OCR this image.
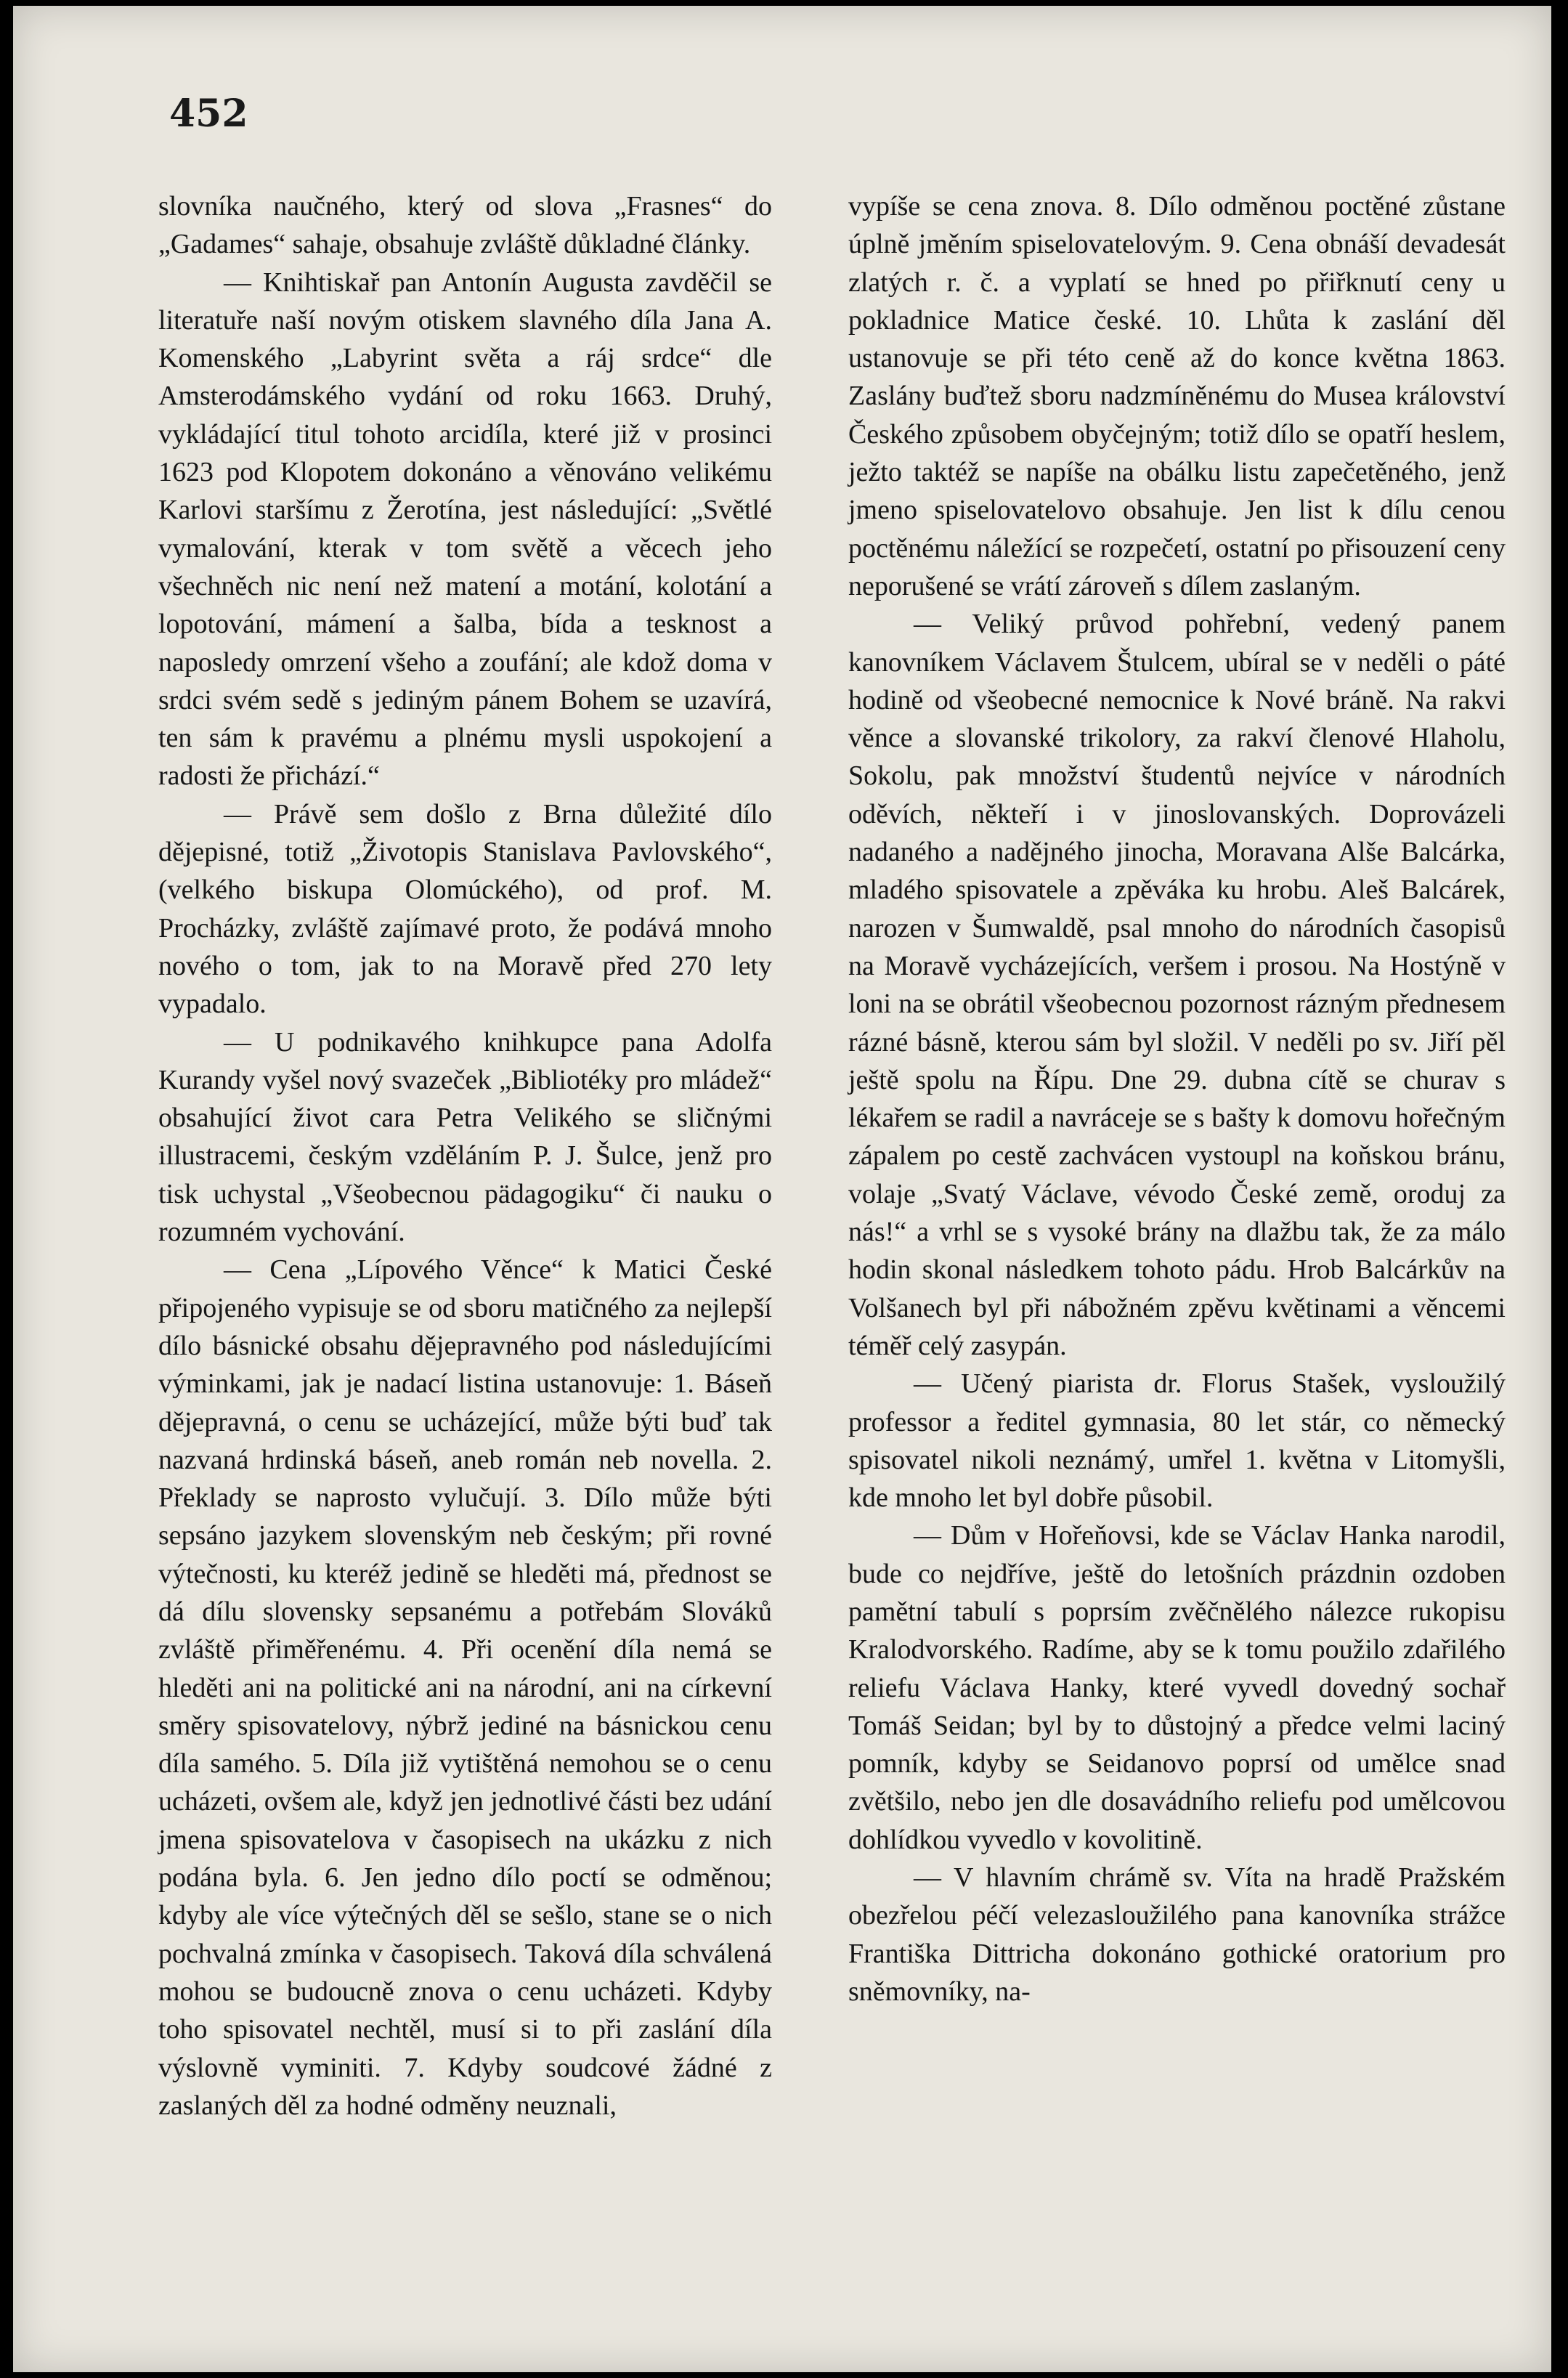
452

slovníka naučného, který od slova „Frasnes“ do „Gadames“ sahaje, obsahuje zvláště důkladné články.

— Knihtiskař pan Antonín Augusta zavděčil se literatuře naší novým otiskem slavného díla Jana A. Komenského „Labyrint světa a ráj srdce“ dle Amsterodámského vydání od roku 1663. Druhý, vykládající titul tohoto arcidíla, které již v prosinci 1623 pod Klopotem dokonáno a věnováno velikému Karlovi staršímu z Žerotína, jest následující: „Světlé vymalování, kterak v tom světě a věcech jeho všechněch nic není než matení a motání, kolotání a lopotování, mámení a šalba, bída a tesknost a naposledy omrzení všeho a zoufání; ale kdož doma v srdci svém sedě s jediným pánem Bohem se uzavírá, ten sám k pravému a plnému mysli uspokojení a radosti že přichází.“

— Právě sem došlo z Brna důležité dílo dějepisné, totiž „Životopis Stanislava Pavlovského“, (velkého biskupa Olomúckého), od prof. M. Procházky, zvláště zajímavé proto, že podává mnoho nového o tom, jak to na Moravě před 270 lety vypadalo.

— U podnikavého knihkupce pana Adolfa Kurandy vyšel nový svazeček „Bibliotéky pro mládež“ obsahující život cara Petra Velikého se sličnými illustracemi, českým vzděláním P. J. Šulce, jenž pro tisk uchystal „Všeobecnou pädagogiku“ či nauku o rozumném vychování.

— Cena „Lípového Věnce“ k Matici České připojeného vypisuje se od sboru matičného za nejlepší dílo básnické obsahu dějepravného pod následujícími výminkami, jak je nadací listina ustanovuje: 1. Báseň dějepravná, o cenu se ucházející, může býti buď tak nazvaná hrdinská báseň, aneb román neb novella. 2. Překlady se naprosto vylučují. 3. Dílo může býti sepsáno jazykem slovenským neb českým; při rovné výtečnosti, ku kteréž jedině se hleděti má, přednost se dá dílu slovensky sepsanému a potřebám Slováků zvláště přiměřenému. 4. Při ocenění díla nemá se hleděti ani na politické ani na národní, ani na církevní směry spisovatelovy, nýbrž jediné na básnickou cenu díla samého. 5. Díla již vytištěná nemohou se o cenu ucházeti, ovšem ale, když jen jednotlivé části bez udání jmena spisovatelova v časopisech na ukázku z nich podána byla. 6. Jen jedno dílo poctí se odměnou; kdyby ale více výtečných děl se sešlo, stane se o nich pochvalná zmínka v časopisech. Taková díla schválená mohou se budoucně znova o cenu ucházeti. Kdyby toho spisovatel nechtěl, musí si to při zaslání díla výslovně vyminiti. 7. Kdyby soudcové žádné z zaslaných děl za hodné odměny neuznali,

vypíše se cena znova. 8. Dílo odměnou poctěné zůstane úplně jměním spiselovatelovým. 9. Cena obnáší devadesát zlatých r. č. a vyplatí se hned po přiřknutí ceny u pokladnice Matice české. 10. Lhůta k zaslání děl ustanovuje se při této ceně až do konce května 1863. Zaslány buďtež sboru nadzmíněnému do Musea království Českého způsobem obyčejným; totiž dílo se opatří heslem, ježto taktéž se napíše na obálku listu zapečetěného, jenž jmeno spiselovatelovo obsahuje. Jen list k dílu cenou poctěnému náležící se rozpečetí, ostatní po přisouzení ceny neporušené se vrátí zároveň s dílem zaslaným.

— Veliký průvod pohřební, vedený panem kanovníkem Václavem Štulcem, ubíral se v neděli o páté hodině od všeobecné nemocnice k Nové bráně. Na rakvi věnce a slovanské trikolory, za rakví členové Hlaholu, Sokolu, pak množství študentů nejvíce v národních oděvích, někteří i v jinoslovanských. Doprovázeli nadaného a nadějného jinocha, Moravana Alše Balcárka, mladého spisovatele a zpěváka ku hrobu. Aleš Balcárek, narozen v Šumwaldě, psal mnoho do národních časopisů na Moravě vycházejících, veršem i prosou. Na Hostýně v loni na se obrátil všeobecnou pozornost rázným přednesem rázné básně, kterou sám byl složil. V neděli po sv. Jiří pěl ještě spolu na Řípu. Dne 29. dubna cítě se churav s lékařem se radil a navráceje se s bašty k domovu hořečným zápalem po cestě zachvácen vystoupl na koňskou bránu, volaje „Svatý Václave, vévodo České země, oroduj za nás!“ a vrhl se s vysoké brány na dlažbu tak, že za málo hodin skonal následkem tohoto pádu. Hrob Balcárkův na Volšanech byl při nábožném zpěvu květinami a věncemi téměř celý zasypán.

— Učený piarista dr. Florus Stašek, vysloužilý professor a ředitel gymnasia, 80 let stár, co německý spisovatel nikoli neznámý, umřel 1. května v Litomyšli, kde mnoho let byl dobře působil.

— Dům v Hořeňovsi, kde se Václav Hanka narodil, bude co nejdříve, ještě do letošních prázdnin ozdoben pamětní tabulí s poprsím zvěčnělého nálezce rukopisu Kralodvorského. Radíme, aby se k tomu použilo zdařilého reliefu Václava Hanky, které vyvedl dovedný sochař Tomáš Seidan; byl by to důstojný a předce velmi laciný pomník, kdyby se Seidanovo poprsí od umělce snad zvětšilo, nebo jen dle dosavádního reliefu pod umělcovou dohlídkou vyvedlo v kovolitině.

— V hlavním chrámě sv. Víta na hradě Pražském obezřelou péčí velezasloužilého pana kanovníka strážce Františka Dittricha dokonáno gothické oratorium pro sněmovníky, na-
